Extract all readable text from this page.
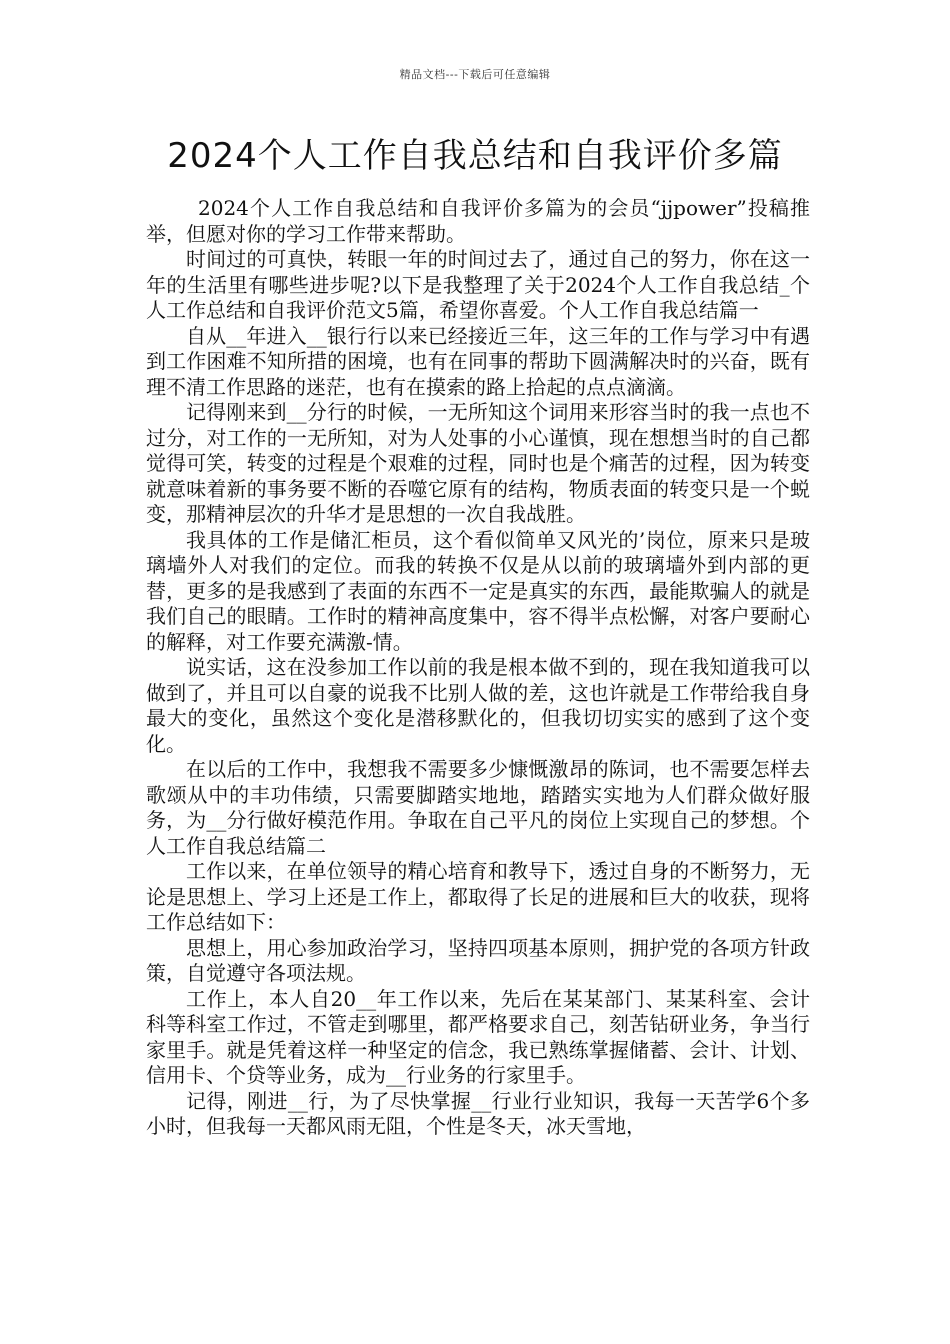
精品文档---下载后可任意编辑
2024个人工作自我总结和自我评价多篇

2024个人工作自我总结和自我评价多篇为的会员“jjpower”投稿推举，但愿对你的学习工作带来帮助。

时间过的可真快，转眼一年的时间过去了，通过自己的努力，你在这一年的生活里有哪些进步呢?以下是我整理了关于2024个人工作自我总结_个人工作总结和自我评价范文5篇，希望你喜爱。个人工作自我总结篇一

自从__年进入__银行行以来已经接近三年，这三年的工作与学习中有遇到工作困难不知所措的困境，也有在同事的帮助下圆满解决时的兴奋，既有理不清工作思路的迷茫，也有在摸索的路上拾起的点点滴滴。

记得刚来到__分行的时候，一无所知这个词用来形容当时的我一点也不过分，对工作的一无所知，对为人处事的小心谨慎，现在想想当时的自己都觉得可笑，转变的过程是个艰难的过程，同时也是个痛苦的过程，因为转变就意味着新的事务要不断的吞噬它原有的结构，物质表面的转变只是一个蜕变，那精神层次的升华才是思想的一次自我战胜。

我具体的工作是储汇柜员，这个看似简单又风光的’岗位，原来只是玻璃墙外人对我们的定位。而我的转换不仅是从以前的玻璃墙外到内部的更替，更多的是我感到了表面的东西不一定是真实的东西，最能欺骗人的就是我们自己的眼睛。工作时的精神高度集中，容不得半点松懈，对客户要耐心的解释，对工作要充满激-情。

说实话，这在没参加工作以前的我是根本做不到的，现在我知道我可以做到了，并且可以自豪的说我不比别人做的差，这也许就是工作带给我自身最大的变化，虽然这个变化是潜移默化的，但我切切实实的感到了这个变化。

在以后的工作中，我想我不需要多少慷慨激昂的陈词，也不需要怎样去歌颂从中的丰功伟绩，只需要脚踏实地地，踏踏实实地为人们群众做好服务，为__分行做好模范作用。争取在自己平凡的岗位上实现自己的梦想。个人工作自我总结篇二

工作以来，在单位领导的精心培育和教导下，透过自身的不断努力，无论是思想上、学习上还是工作上，都取得了长足的进展和巨大的收获，现将工作总结如下：

思想上，用心参加政治学习，坚持四项基本原则，拥护党的各项方针政策，自觉遵守各项法规。

工作上，本人自20__年工作以来，先后在某某部门、某某科室、会计科等科室工作过，不管走到哪里，都严格要求自己，刻苦钻研业务，争当行家里手。就是凭着这样一种坚定的信念，我已熟练掌握储蓄、会计、计划、信用卡、个贷等业务，成为__行业务的行家里手。

记得，刚进__行，为了尽快掌握__行业行业知识，我每一天苦学6个多小时，但我每一天都风雨无阻，个性是冬天，冰天雪地，
